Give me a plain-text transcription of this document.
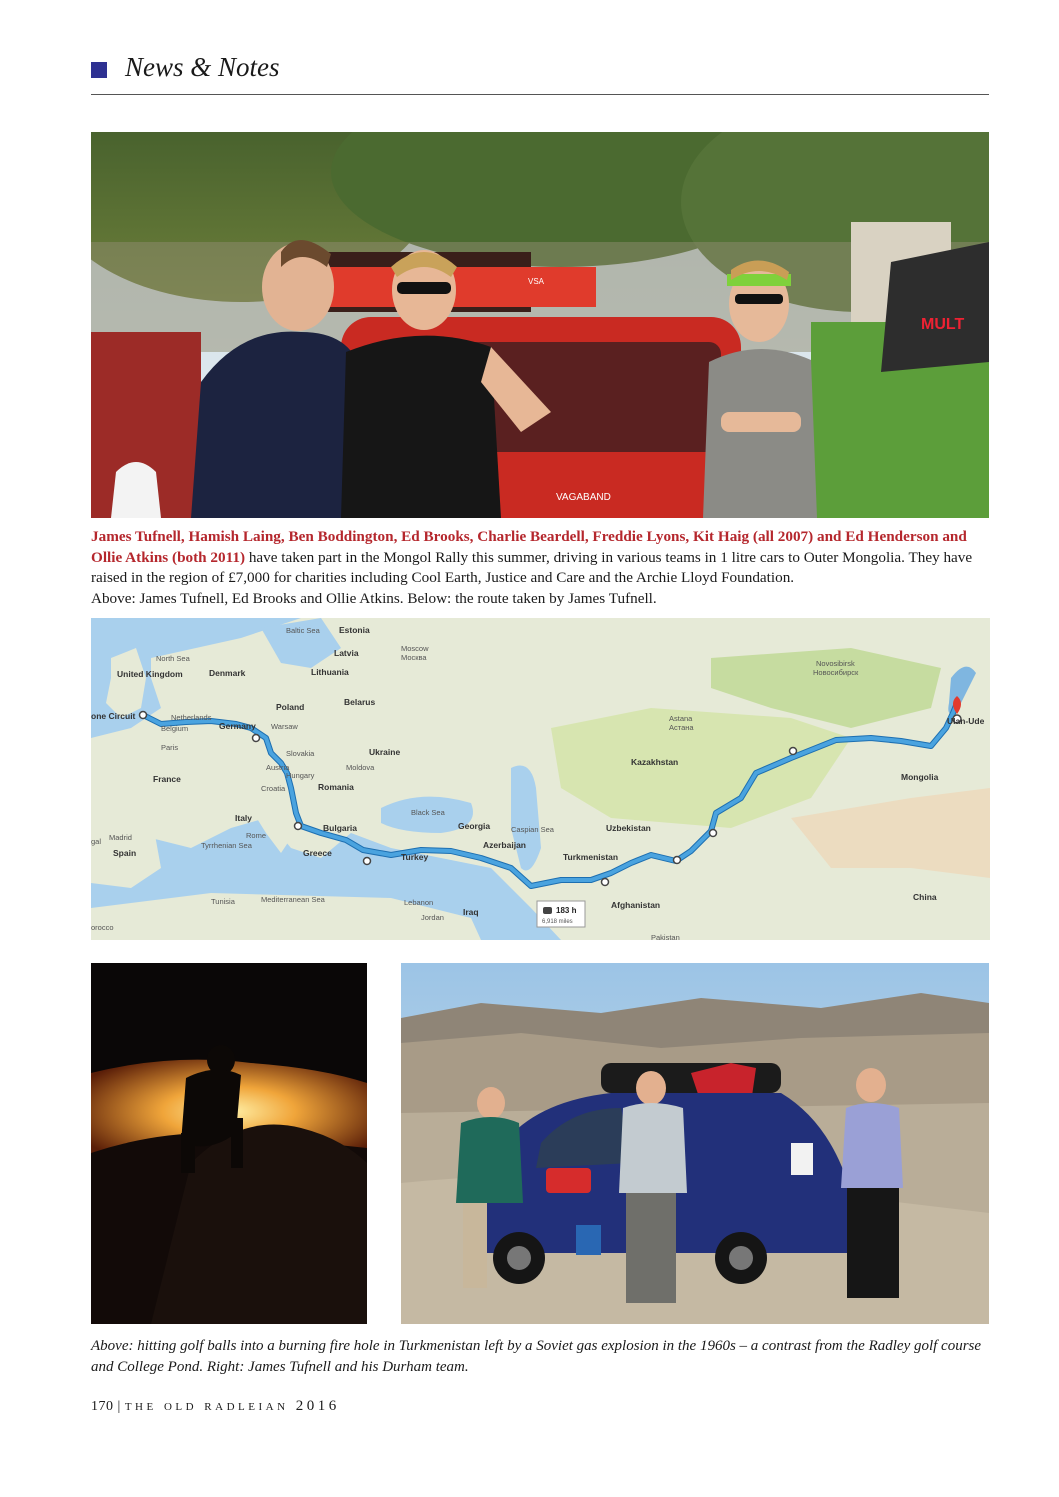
News & Notes
VAGABAND
VSA
MULT
James Tufnell, Hamish Laing, Ben Boddington, Ed Brooks, Charlie Beardell, Freddie Lyons, Kit Haig (all 2007) and Ed Henderson and Ollie Atkins (both 2011) have taken part in the Mongol Rally this summer, driving in various teams in 1 litre cars to Outer Mongolia. They have raised in the region of £7,000 for charities including Cool Earth, Justice and Care and the Archie Lloyd Foundation.
Above: James Tufnell, Ed Brooks and Ollie Atkins. Below: the route taken by James Tufnell.
Baltic Sea
North Sea
Moscow
Москва
Novosibirsk
Новосибирск
Warsaw
Netherlands
Belgium
Paris
Slovakia
Austria
Hungary
Moldova
Croatia
Astana
Астана
Rome
Madrid
Black Sea
Caspian Sea
Tyrrhenian Sea
Mediterranean Sea
Tunisia	Lebanon
Jordan
orocco
gal
Pakistan
Estonia
Latvia
Lithuania
United Kingdom	Denmark
Poland	Belarus
one Circuit
Germany
Ukraine
France
Romania
Kazakhstan
Ulan-Ude
Mongolia
Italy
Spain
Bulgaria	Georgia	Uzbekistan
Greece	Turkey
Azerbaijan
Turkmenistan
Afghanistan
China
Iraq	183 h
6,918 miles
Above: hitting golf balls into a burning fire hole in Turkmenistan left by a Soviet gas explosion in the 1960s – a contrast from the Radley golf course and College Pond. Right: James Tufnell and his Durham team.
170 | the old radleian 2016
